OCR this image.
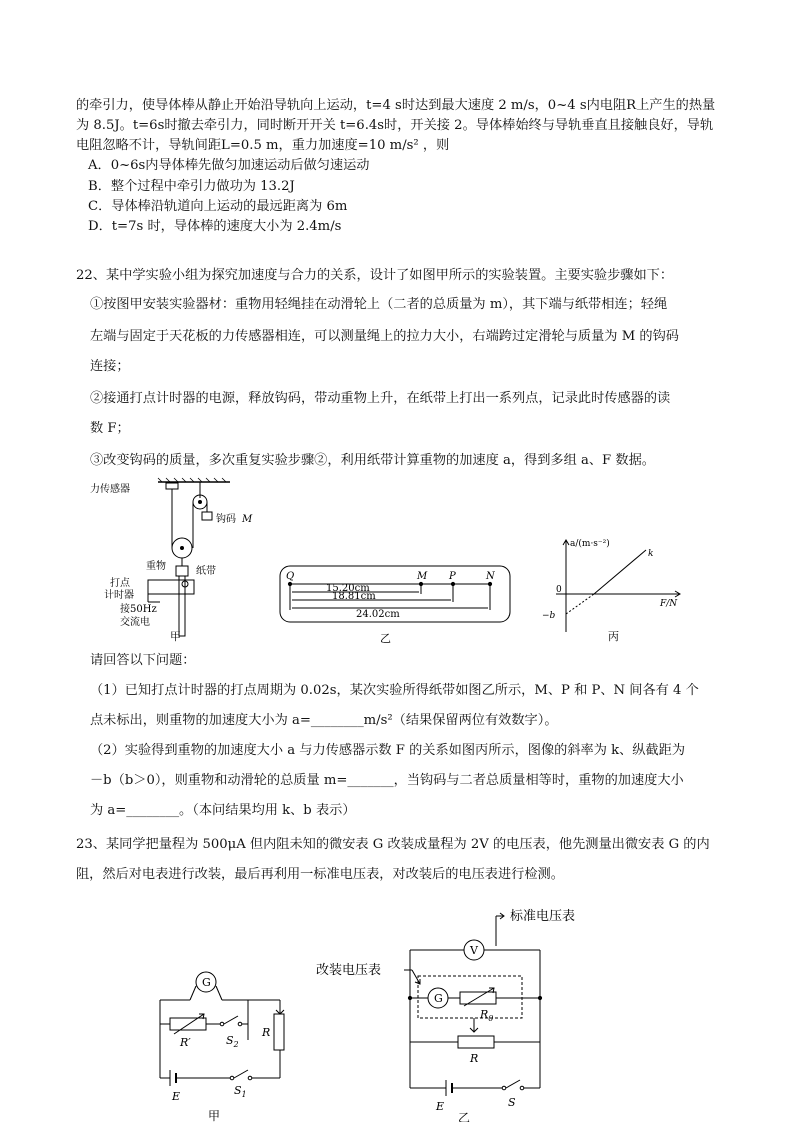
的牵引力，使导体棒从静止开始沿导轨向上运动，t=4 s时达到最大速度 2 m/s，0~4 s内电阻R上产生的热量
为 8.5J。t=6s时撤去牵引力，同时断开开关 t=6.4s时，开关接 2。导体棒始终与导轨垂直且接触良好，导轨
电阻忽略不计，导轨间距L=0.5 m，重力加速度=10 m/s² ，则
A．0~6s内导体棒先做匀加速运动后做匀速运动
B．整个过程中牵引力做功为 13.2J
C．导体棒沿轨道向上运动的最远距离为 6m
D．t=7s 时，导体棒的速度大小为 2.4m/s
22、某中学实验小组为探究加速度与合力的关系，设计了如图甲所示的实验装置。主要实验步骤如下：
①按图甲安装实验器材：重物用轻绳挂在动滑轮上（二者的总质量为 m），其下端与纸带相连；轻绳
左端与固定于天花板的力传感器相连，可以测量绳上的拉力大小，右端跨过定滑轮与质量为 M 的钩码
连接；
②接通打点计时器的电源，释放钩码，带动重物上升，在纸带上打出一系列点，记录此时传感器的读
数 F；
③改变钩码的质量，多次重复实验步骤②，利用纸带计算重物的加速度 a，得到多组 a、F 数据。
力传感器
钩码 M
重物	纸带
打点
计时器
接50Hz
交流电
甲
Q	M P	N
15.20cm
18.81cm
24.02cm
乙
a/(m·s⁻²)
k
0
−b
F/N
丙
请回答以下问题：
（1）已知打点计时器的打点周期为 0.02s，某次实验所得纸带如图乙所示，M、P 和 P、N 间各有 4 个
点未标出，则重物的加速度大小为 a=________m/s²（结果保留两位有效数字）。
（2）实验得到重物的加速度大小 a 与力传感器示数 F 的关系如图丙所示，图像的斜率为 k、纵截距为
－b（b＞0），则重物和动滑轮的总质量 m=_______，当钩码与二者总质量相等时，重物的加速度大小
为 a=________。（本问结果均用 k、b 表示）
23、某同学把量程为 500μA 但内阻未知的微安表 G 改装成量程为 2V 的电压表，他先测量出微安表 G 的内
阻，然后对电表进行改装，最后再利用一标准电压表，对改装后的电压表进行检测。
G
R′	$S_2$
R
E	$S_1$
甲
V
标准电压表
改装电压表
G
$R_0$
R
E	S
乙
